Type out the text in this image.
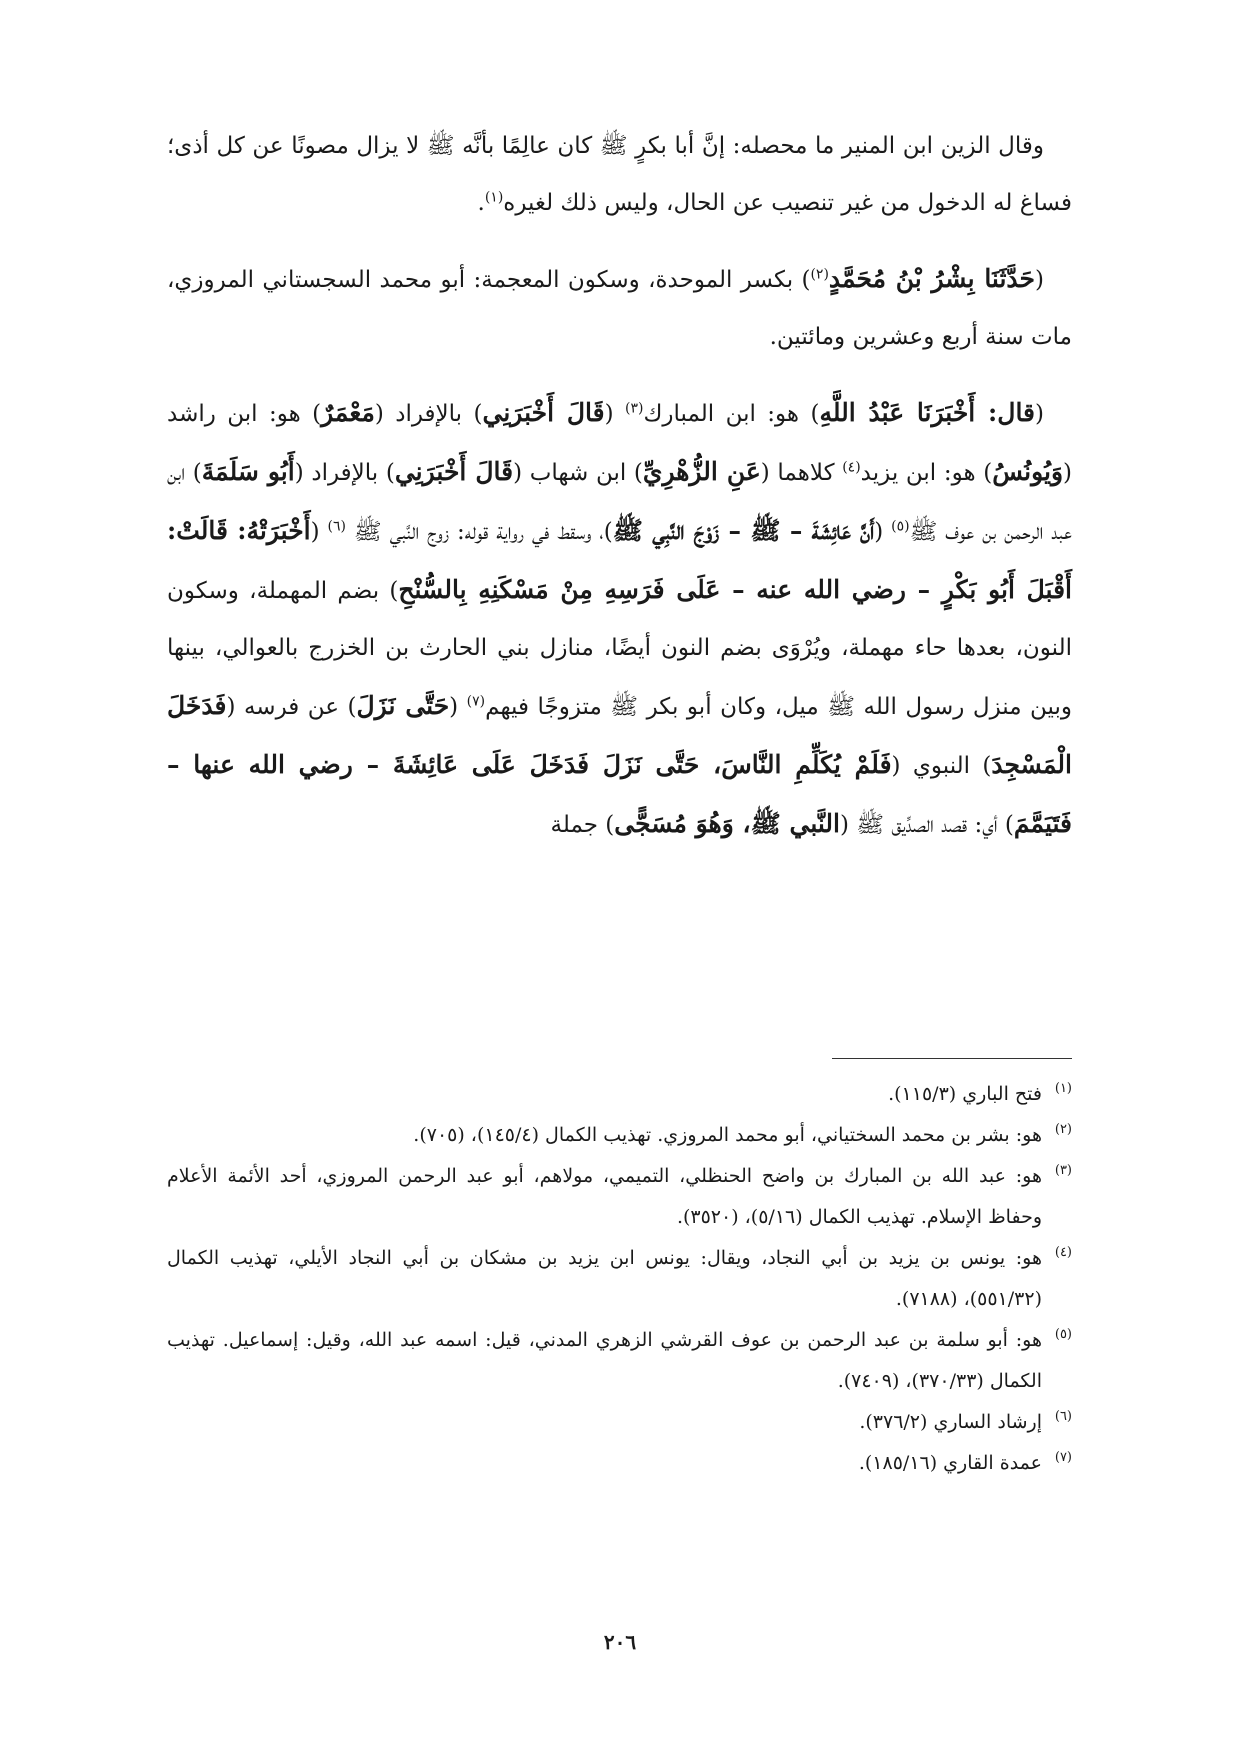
وقال الزين ابن المنير ما محصله: إنَّ أبا بكرٍ ﷺ كان عالِمًا بأنَّه ﷺ لا يزال مصونًا عن كل أذى؛ فساغ له الدخول من غير تنصيب عن الحال، وليس ذلك لغيره$^{(١)}$.

(حَدَّثَنَا بِشْرُ بْنُ مُحَمَّدٍ$^{(٢)}$) بكسر الموحدة، وسكون المعجمة: أبو محمد السجستاني المروزي، مات سنة أربع وعشرين ومائتين.

(قال: أَخْبَرَنَا عَبْدُ اللَّهِ) هو: ابن المبارك$^{(٣)}$ (قَالَ أَخْبَرَنِي) بالإفراد (مَعْمَرٌ) هو: ابن راشد (وَيُونُسُ) هو: ابن يزيد$^{(٤)}$ كلاهما (عَنِ الزُّهْرِيِّ) ابن شهاب (قَالَ أَخْبَرَنِي) بالإفراد (أَبُو سَلَمَةَ) ابن عبد الرحمن بن عوف ﷺ$^{(٥)}$ (أَنَّ عَائِشَةَ – ﷺ – زَوْجَ النَّبِي ﷺ)، وسقط في رواية قوله: زوج النَّبي ﷺ $^{(٦)}$ (أَخْبَرَتْهُ: قَالَتْ: أَقْبَلَ أَبُو بَكْرٍ – رضي الله عنه – عَلَى فَرَسِهِ مِنْ مَسْكَنِهِ بِالسُّنْحِ) بضم المهملة، وسكون النون، بعدها حاء مهملة، ويُرْوَى بضم النون أيضًا، منازل بني الحارث بن الخزرج بالعوالي، بينها وبين منزل رسول الله ﷺ ميل، وكان أبو بكر ﷺ متزوجًا فيهم$^{(٧)}$ (حَتَّى نَزَلَ) عن فرسه (فَدَخَلَ الْمَسْجِدَ) النبوي (فَلَمْ يُكَلِّمِ النَّاسَ، حَتَّى نَزَلَ فَدَخَلَ عَلَى عَائِشَةَ – رضي الله عنها – فَتَيَمَّمَ) أي: قصد الصدِّيق ﷺ (النَّبي ﷺ، وَهُوَ مُسَجًّى) جملة

(١)
فتح الباري (١١٥/٣).
(٢)
هو: بشر بن محمد السختياني، أبو محمد المروزي. تهذيب الكمال (١٤٥/٤)، (٧٠٥).
(٣)
هو: عبد الله بن المبارك بن واضح الحنظلي، التميمي، مولاهم، أبو عبد الرحمن المروزي، أحد الأئمة الأعلام وحفاظ الإسلام. تهذيب الكمال (٥/١٦)، (٣٥٢٠).
(٤)
هو: يونس بن يزيد بن أبي النجاد، ويقال: يونس ابن يزيد بن مشكان بن أبي النجاد الأيلي، تهذيب الكمال (٥٥١/٣٢)، (٧١٨٨).
(٥)
هو: أبو سلمة بن عبد الرحمن بن عوف القرشي الزهري المدني، قيل: اسمه عبد الله، وقيل: إسماعيل. تهذيب الكمال (٣٧٠/٣٣)، (٧٤٠٩).
(٦)
إرشاد الساري (٣٧٦/٢).
(٧)
عمدة القاري (١٨٥/١٦).
٢٠٦
